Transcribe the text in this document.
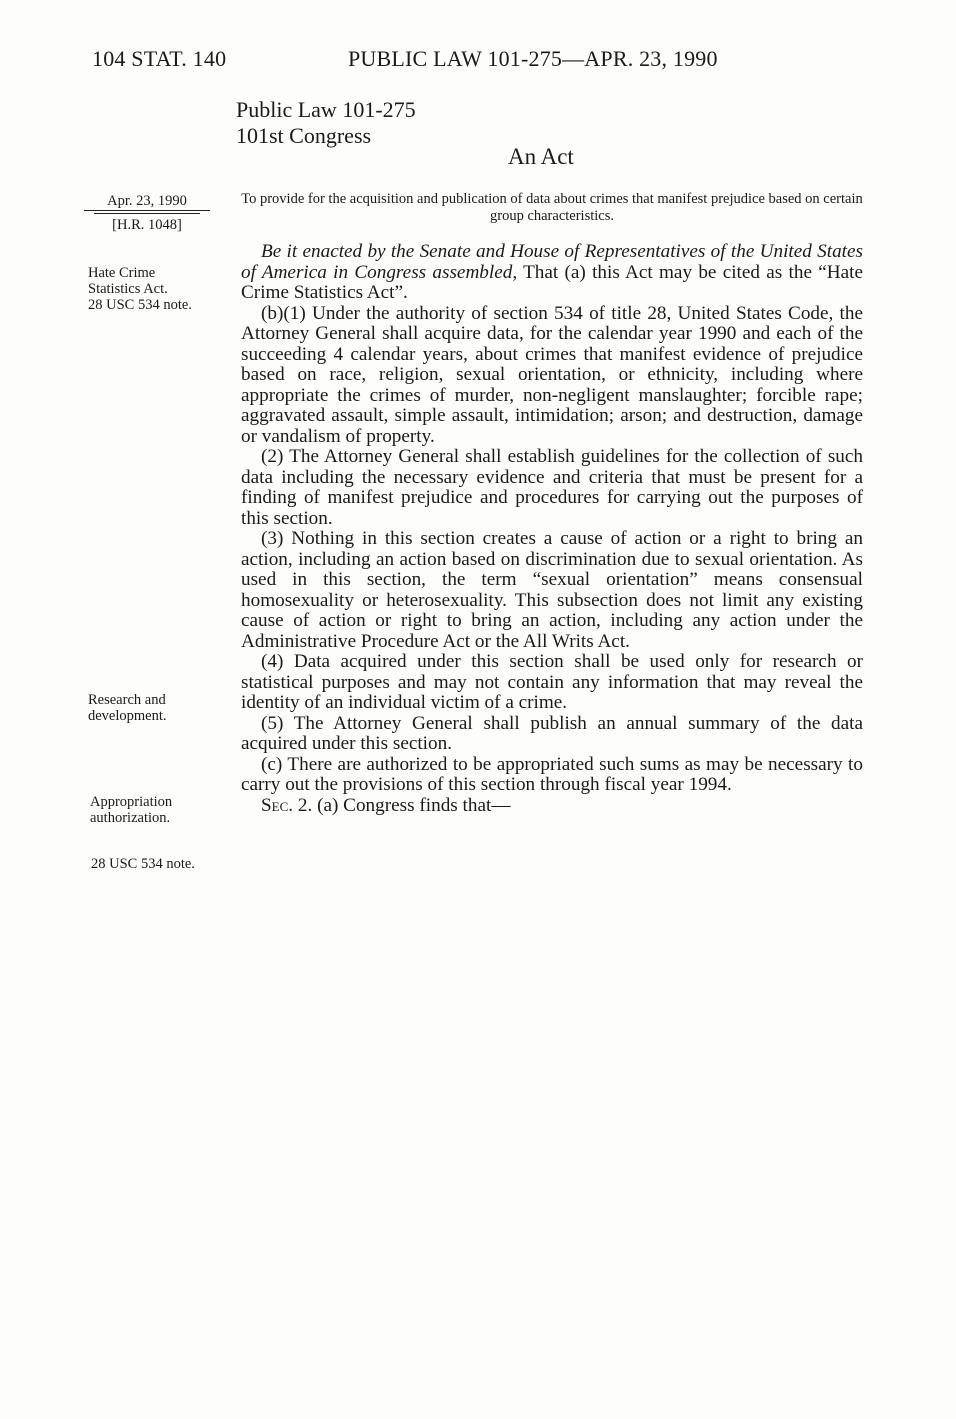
104 STAT. 140	PUBLIC LAW 101-275—APR. 23, 1990
Public Law 101-275
101st Congress
An Act
Apr. 23, 1990
[H.R. 1048]
Hate Crime
Statistics Act.
28 USC 534 note.
Research and
development.
Appropriation
authorization.
28 USC 534 note.
To provide for the acquisition and publication of data about crimes that manifest prejudice based on certain group characteristics.

Be it enacted by the Senate and House of Representatives of the United States of America in Congress assembled, That (a) this Act may be cited as the “Hate Crime Statistics Act”.

(b)(1) Under the authority of section 534 of title 28, United States Code, the Attorney General shall acquire data, for the calendar year 1990 and each of the succeeding 4 calendar years, about crimes that manifest evidence of prejudice based on race, religion, sexual orientation, or ethnicity, including where appropriate the crimes of murder, non-negligent manslaughter; forcible rape; aggravated assault, simple assault, intimidation; arson; and destruction, damage or vandalism of property.

(2) The Attorney General shall establish guidelines for the collection of such data including the necessary evidence and criteria that must be present for a finding of manifest prejudice and procedures for carrying out the purposes of this section.

(3) Nothing in this section creates a cause of action or a right to bring an action, including an action based on discrimination due to sexual orientation. As used in this section, the term “sexual orientation” means consensual homosexuality or heterosexuality. This subsection does not limit any existing cause of action or right to bring an action, including any action under the Administrative Procedure Act or the All Writs Act.

(4) Data acquired under this section shall be used only for research or statistical purposes and may not contain any information that may reveal the identity of an individual victim of a crime.

(5) The Attorney General shall publish an annual summary of the data acquired under this section.

(c) There are authorized to be appropriated such sums as may be necessary to carry out the provisions of this section through fiscal year 1994.

Sec. 2. (a) Congress finds that—
